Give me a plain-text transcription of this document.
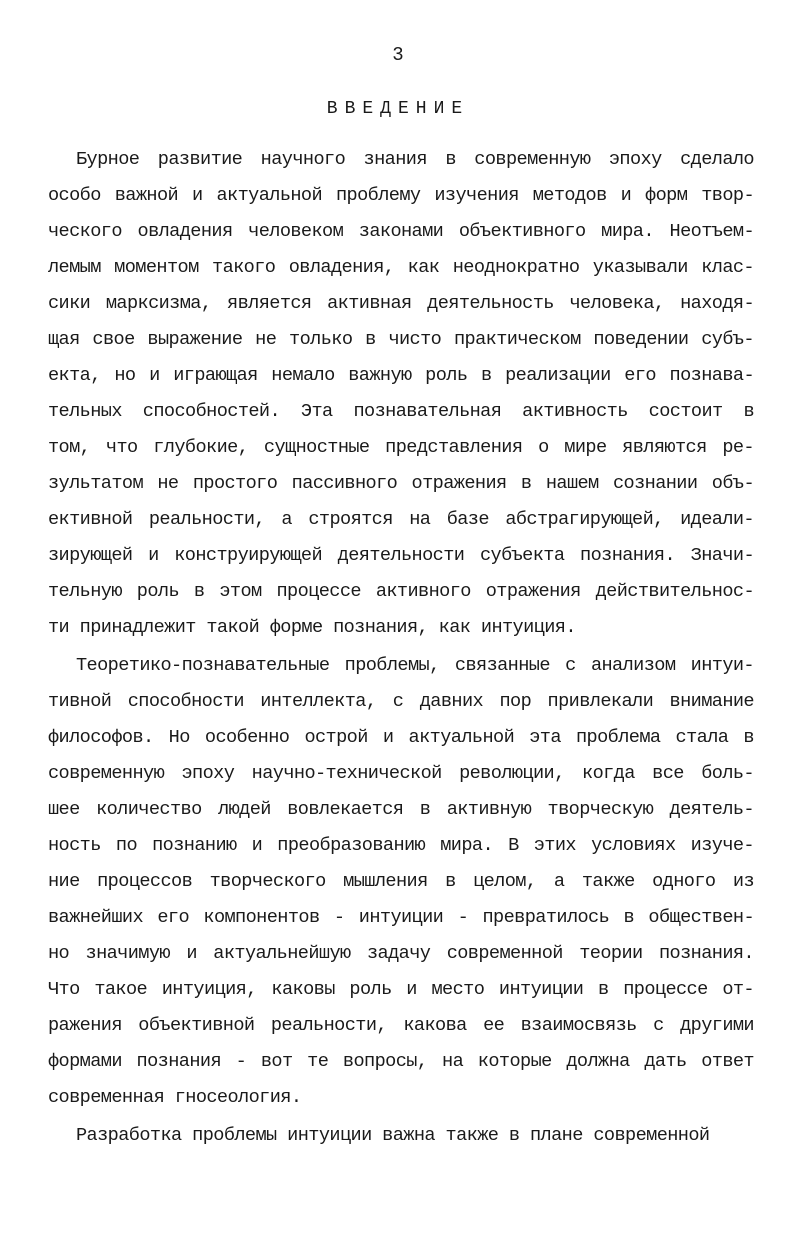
3
ВВЕДЕНИЕ
Бурное развитие научного знания в современную эпоху сделало
особо важной и актуальной проблему изучения методов и форм твор-
ческого овладения человеком законами объективного мира. Неотъем-
лемым моментом такого овладения, как неоднократно указывали клас-
сики марксизма, является активная деятельность человека, находя-
щая свое выражение не только в чисто практическом поведении субъ-
екта, но и играющая немало важную роль в реализации его познава-
тельных способностей. Эта познавательная активность состоит в
том, что глубокие, сущностные представления о мире являются ре-
зультатом не простого пассивного отражения в нашем сознании объ-
ективной реальности, а строятся на базе абстрагирующей, идеали-
зирующей и конструирующей деятельности субъекта познания. Значи-
тельную роль в этом процессе активного отражения действительнос-
ти принадлежит такой форме познания, как интуиция.
Теоретико-познавательные проблемы, связанные с анализом интуи-
тивной способности интеллекта, с давних пор привлекали внимание
философов. Но особенно острой и актуальной эта проблема стала в
современную эпоху научно-технической революции, когда все боль-
шее количество людей вовлекается в активную творческую деятель-
ность по познанию и преобразованию мира. В этих условиях изуче-
ние процессов творческого мышления в целом, а также одного из
важнейших его компонентов - интуиции - превратилось в обществен-
но значимую и актуальнейшую задачу современной теории познания.
Что такое интуиция, каковы роль и место интуиции в процессе от-
ражения объективной реальности, какова ее взаимосвязь с другими
формами познания - вот те вопросы, на которые должна дать ответ
современная гносеология.
Разработка проблемы интуиции важна также в плане современной
